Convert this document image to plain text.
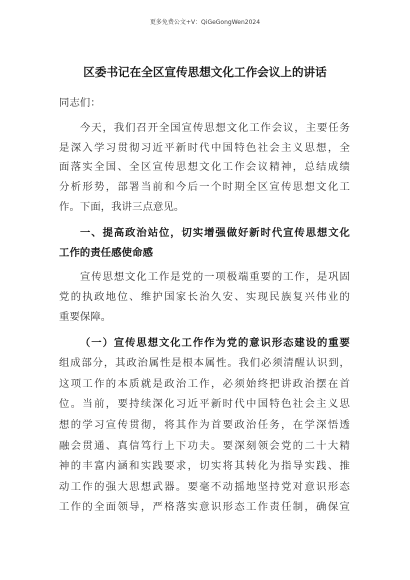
更多免费公文+V：QiGeGongWen2024
区委书记在全区宣传思想文化工作会议上的讲话
同志们：
今天，我们召开全国宣传思想文化工作会议，主要任务
是深入学习贯彻习近平新时代中国特色社会主义思想，全
面落实全国、全区宣传思想文化工作会议精神，总结成绩
分析形势，部署当前和今后一个时期全区宣传思想文化工
作。下面，我讲三点意见。
一、提高政治站位，切实增强做好新时代宣传思想文化
工作的责任感使命感
宣传思想文化工作是党的一项极端重要的工作，是巩固
党的执政地位、维护国家长治久安、实现民族复兴伟业的
重要保障。
（一）宣传思想文化工作作为党的意识形态建设的重要
组成部分，其政治属性是根本属性。我们必须清醒认识到，
这项工作的本质就是政治工作，必须始终把讲政治摆在首
位。当前，要持续深化习近平新时代中国特色社会主义思
想的学习宣传贯彻，将其作为首要政治任务，在学深悟透
融会贯通、真信笃行上下功夫。要深刻领会党的二十大精
神的丰富内涵和实践要求，切实将其转化为指导实践、推
动工作的强大思想武器。要毫不动摇地坚持党对意识形态
工作的全面领导，严格落实意识形态工作责任制，确保宣
